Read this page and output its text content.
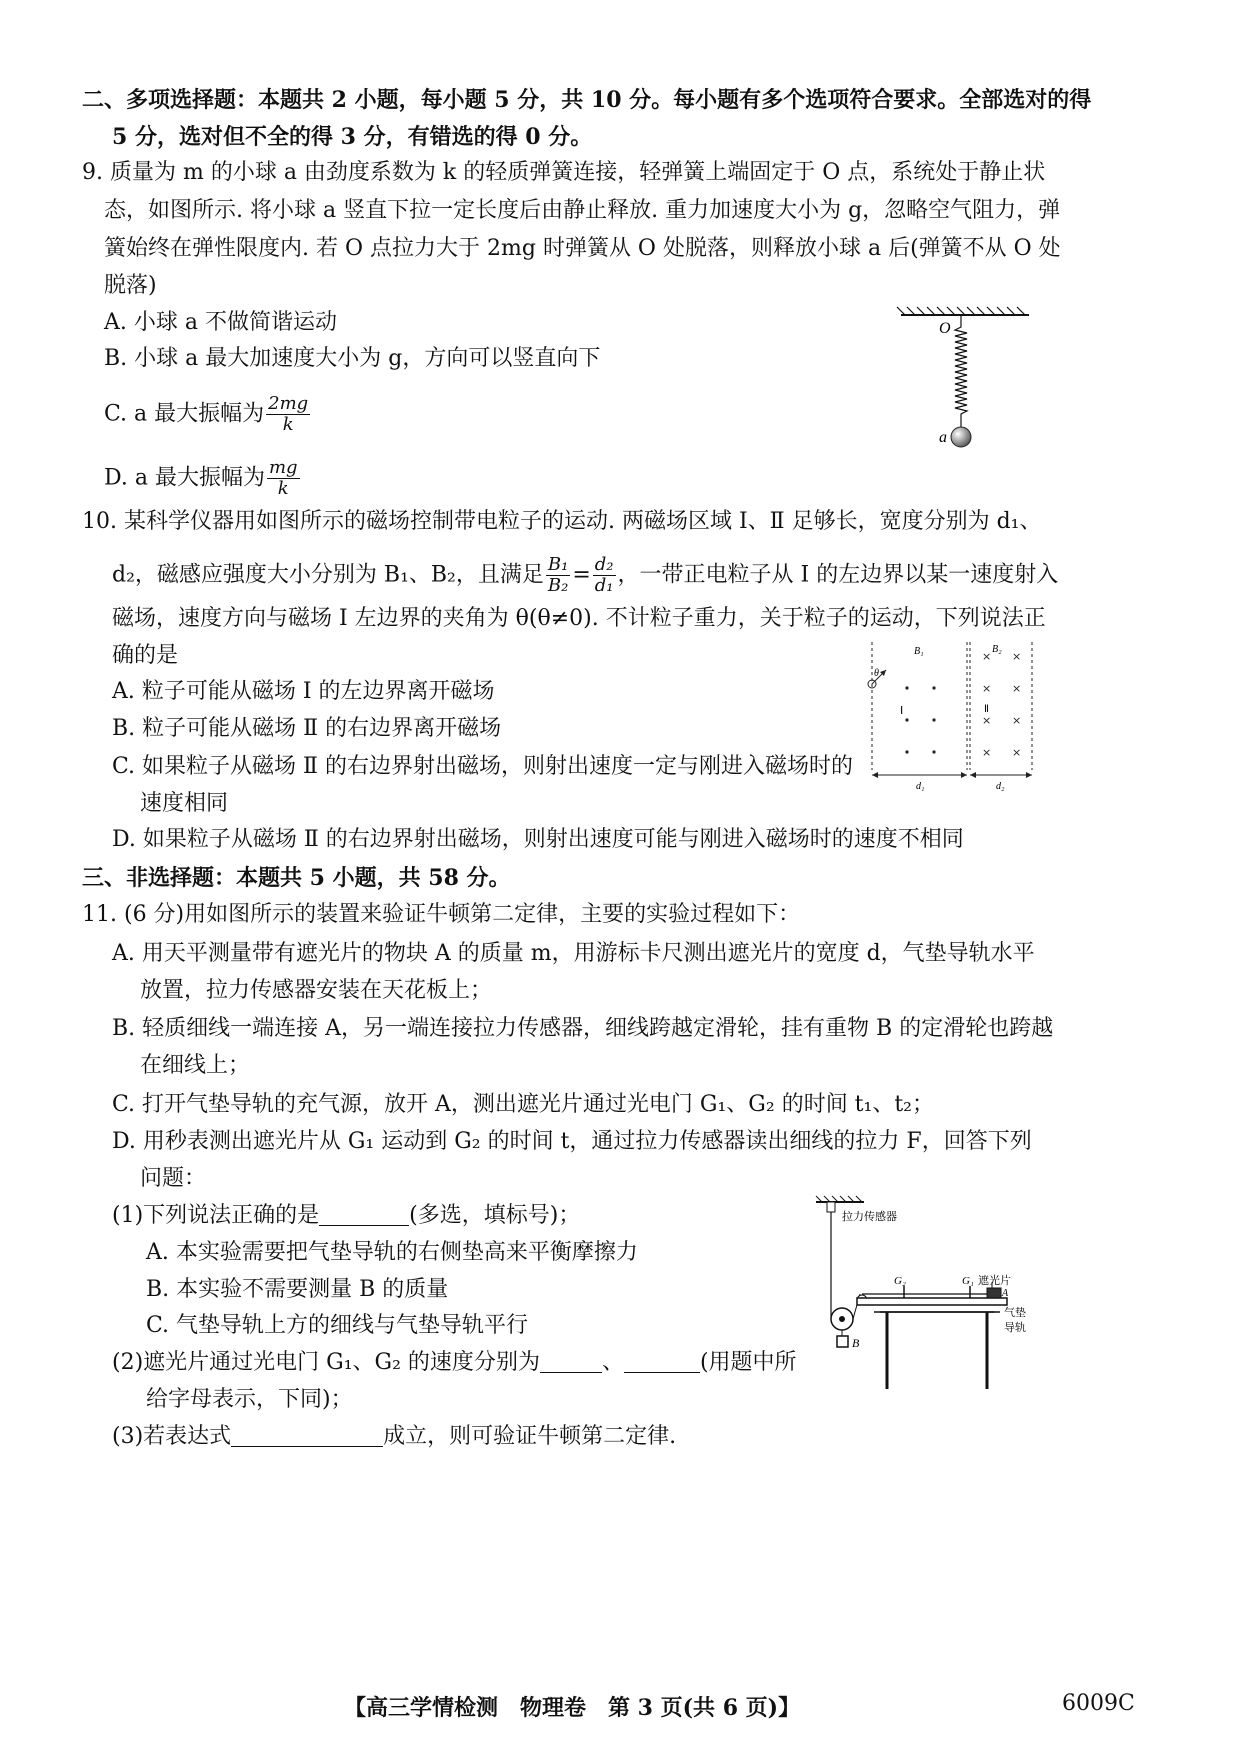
二、多项选择题：本题共 2 小题，每小题 5 分，共 10 分。每小题有多个选项符合要求。全部选对的得
5 分，选对但不全的得 3 分，有错选的得 0 分。
9. 质量为 m 的小球 a 由劲度系数为 k 的轻质弹簧连接，轻弹簧上端固定于 O 点，系统处于静止状
态，如图所示. 将小球 a 竖直下拉一定长度后由静止释放. 重力加速度大小为 g，忽略空气阻力，弹
簧始终在弹性限度内. 若 O 点拉力大于 2mg 时弹簧从 O 处脱落，则释放小球 a 后(弹簧不从 O 处
脱落)
A. 小球 a 不做简谐运动
B. 小球 a 最大加速度大小为 g，方向可以竖直向下
C. a 最大振幅为 $\frac{2mg}{k}$
D. a 最大振幅为 $\frac{mg}{k}$
O
a
10. 某科学仪器用如图所示的磁场控制带电粒子的运动. 两磁场区域 Ⅰ、Ⅱ 足够长，宽度分别为 d₁、
d₂，磁感应强度大小分别为 B₁、B₂，且满足 $\frac{\text{B₁}}{\text{B₂}} = \frac{\text{d₂}}{\text{d₁}}$ ，一带正电粒子从 Ⅰ 的左边界以某一速度射入
磁场，速度方向与磁场 Ⅰ 左边界的夹角为 θ(θ≠0). 不计粒子重力，关于粒子的运动，下列说法正
确的是
A. 粒子可能从磁场 Ⅰ 的左边界离开磁场
B. 粒子可能从磁场 Ⅱ 的右边界离开磁场
C. 如果粒子从磁场 Ⅱ 的右边界射出磁场，则射出速度一定与刚进入磁场时的
速度相同
D. 如果粒子从磁场 Ⅱ 的右边界射出磁场，则射出速度可能与刚进入磁场时的速度不相同
× ×
× ×
× ×
× ×
θ
B₁	B₂
Ⅰ	Ⅱ
d₁	d₂
三、非选择题：本题共 5 小题，共 58 分。
11. (6 分)用如图所示的装置来验证牛顿第二定律，主要的实验过程如下：
A. 用天平测量带有遮光片的物块 A 的质量 m，用游标卡尺测出遮光片的宽度 d，气垫导轨水平
放置，拉力传感器安装在天花板上；
B. 轻质细线一端连接 A，另一端连接拉力传感器，细线跨越定滑轮，挂有重物 B 的定滑轮也跨越
在细线上；
C. 打开气垫导轨的充气源，放开 A，测出遮光片通过光电门 G₁、G₂ 的时间 t₁、t₂；
D. 用秒表测出遮光片从 G₁ 运动到 G₂ 的时间 t，通过拉力传感器读出细线的拉力 F，回答下列
问题：
(1)下列说法正确的是	(多选，填标号)；
A. 本实验需要把气垫导轨的右侧垫高来平衡摩擦力
B. 本实验不需要测量 B 的质量
C. 气垫导轨上方的细线与气垫导轨平行
(2)遮光片通过光电门 G₁、G₂ 的速度分别为	、	(用题中所
给字母表示，下同)；
(3)若表达式	成立，则可验证牛顿第二定律.
拉力传感器
B
G₂	G₁ 遮光片
A
气垫
导轨
【高三学情检测　物理卷　第 3 页(共 6 页)】	6009C
